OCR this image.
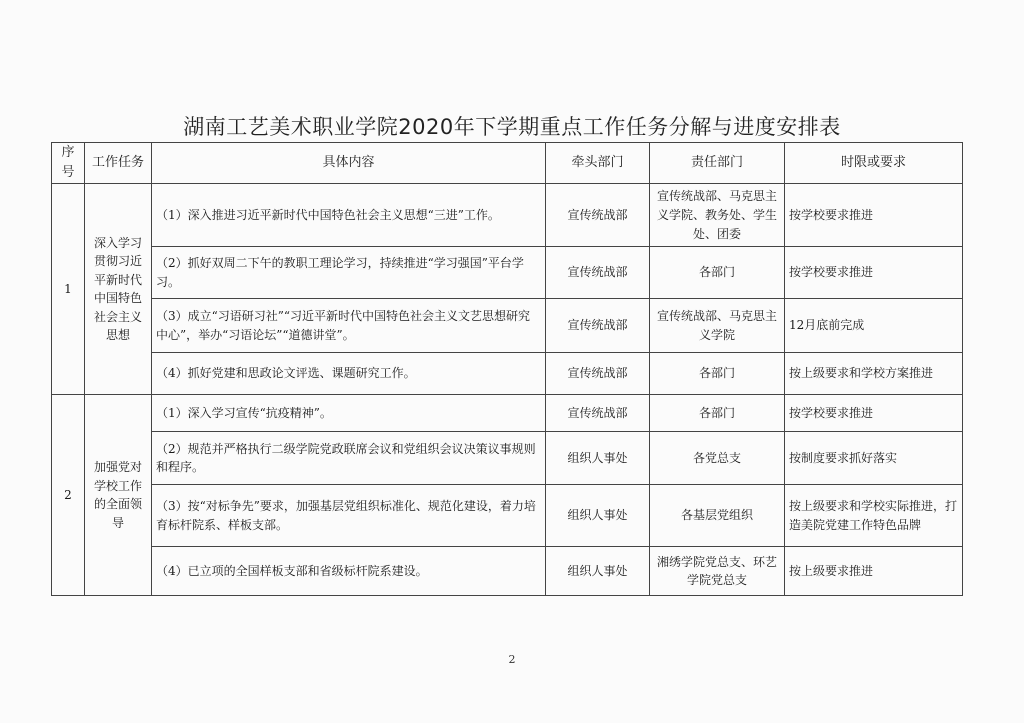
湖南工艺美术职业学院2020年下学期重点工作任务分解与进度安排表
序号	工作任务	具体内容	牵头部门	责任部门	时限或要求
1	深入学习贯彻习近平新时代中国特色社会主义思想	（1）深入推进习近平新时代中国特色社会主义思想“三进”工作。	宣传统战部	宣传统战部、马克思主义学院、教务处、学生处、团委	按学校要求推进
		（2）抓好双周二下午的教职工理论学习，持续推进“学习强国”平台学习。	宣传统战部	各部门	按学校要求推进
		（3）成立“习语研习社”“习近平新时代中国特色社会主义文艺思想研究中心”，举办“习语论坛”“道德讲堂”。	宣传统战部	宣传统战部、马克思主义学院	12月底前完成
		（4）抓好党建和思政论文评选、课题研究工作。	宣传统战部	各部门	按上级要求和学校方案推进
2	加强党对学校工作的全面领导	（1）深入学习宣传“抗疫精神”。	宣传统战部	各部门	按学校要求推进
		（2）规范并严格执行二级学院党政联席会议和党组织会议决策议事规则和程序。	组织人事处	各党总支	按制度要求抓好落实
		（3）按“对标争先”要求，加强基层党组织标准化、规范化建设，着力培育标杆院系、样板支部。	组织人事处	各基层党组织	按上级要求和学校实际推进，打造美院党建工作特色品牌
		（4）已立项的全国样板支部和省级标杆院系建设。	组织人事处	湘绣学院党总支、环艺学院党总支	按上级要求推进
2
